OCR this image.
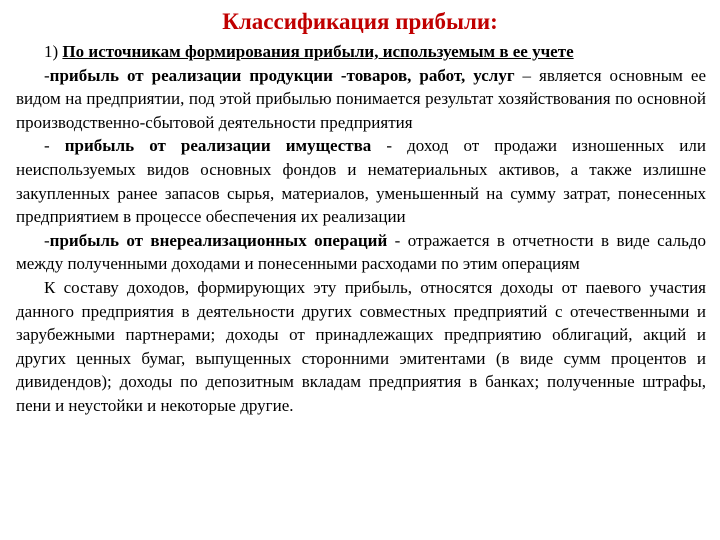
Классификация прибыли:

1) По источникам формирования прибыли, используемым в ее учете

-прибыль от реализации продукции -товаров, работ, услуг – является основным ее видом на предприятии, под этой прибылью понимается результат хозяйствования по основной производственно-сбытовой деятельности предприятия

- прибыль от реализации имущества - доход от продажи изношенных или неиспользуемых видов основных фондов и нематериальных активов, а также излишне закупленных ранее запасов сырья, материалов, уменьшенный на сумму затрат, понесенных предприятием в процессе обеспечения их реализации

-прибыль от внереализационных операций - отражается в отчетности в виде сальдо между полученными доходами и понесенными расходами по этим операциям

К составу доходов, формирующих эту прибыль, относятся доходы от паевого участия данного предприятия в деятельности других совместных предприятий с отечественными и зарубежными партнерами; доходы от принадлежащих предприятию облигаций, акций и других ценных бумаг, выпущенных сторонними эмитентами (в виде сумм процентов и дивидендов); доходы по депозитным вкладам предприятия в банках; полученные штрафы, пени и неустойки и некоторые другие.
